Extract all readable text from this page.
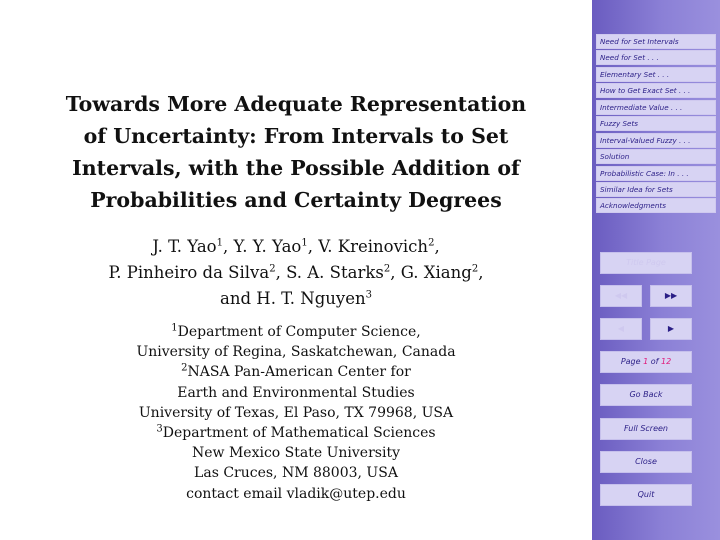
Towards More Adequate Representation
of Uncertainty: From Intervals to Set
Intervals, with the Possible Addition of
Probabilities and Certainty Degrees
J. T. Yao$^1$, Y. Y. Yao$^1$, V. Kreinovich$^2$,
P. Pinheiro da Silva$^2$, S. A. Starks$^2$, G. Xiang$^2$,
and H. T. Nguyen$^3$
$^1$Department of Computer Science,
University of Regina, Saskatchewan, Canada
$^2$NASA Pan-American Center for
Earth and Environmental Studies
University of Texas, El Paso, TX 79968, USA
$^3$Department of Mathematical Sciences
New Mexico State University
Las Cruces, NM 88003, USA
contact email vladik@utep.edu
Need for Set Intervals
Need for Set . . .
Elementary Set . . .
How to Get Exact Set . . .
Intermediate Value . . .
Fuzzy Sets
Interval-Valued Fuzzy . . .
Solution
Probabilistic Case: In . . .
Similar Idea for Sets
Acknowledgments
Title Page
◀◀	▶▶
◀	▶
Page 1 of 12
Go Back
Full Screen
Close
Quit
